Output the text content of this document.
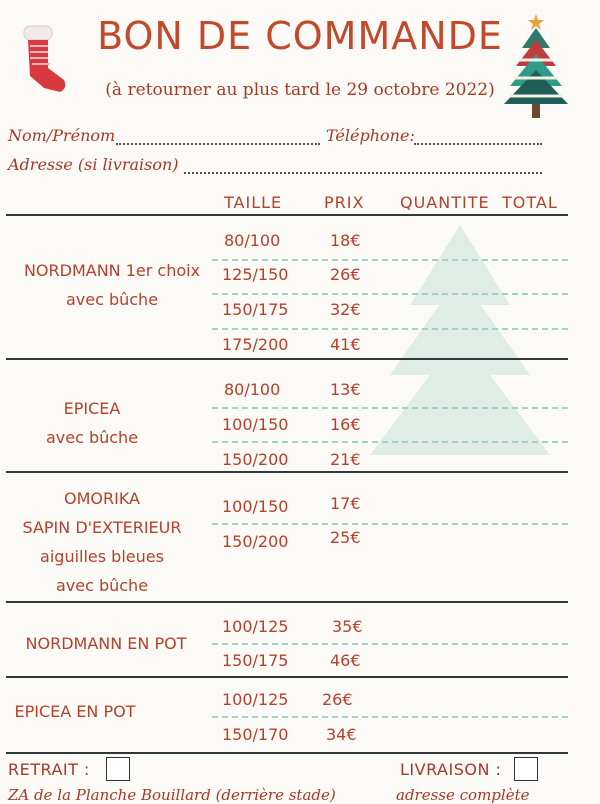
BON DE COMMANDE
(à retourner au plus tard le 29 octobre 2022)
Nom/Prénom	Téléphone:
Adresse (si livraison)
TAILLE	PRIX QUANTITE TOTAL
NORDMANN 1er choix
avec bûche
80/100	18€
125/150	26€
150/175	32€
175/200	41€
EPICEA
avec bûche
80/100	13€
100/150	16€
150/200	21€
OMORIKA
SAPIN D'EXTERIEUR
aiguilles bleues
avec bûche
100/150	17€
150/200	25€
NORDMANN EN POT
100/125	35€
150/175	46€
EPICEA EN POT
100/125 26€
150/170 34€
RETRAIT :	LIVRAISON :
ZA de la Planche Bouillard (derrière stade)	adresse complète
